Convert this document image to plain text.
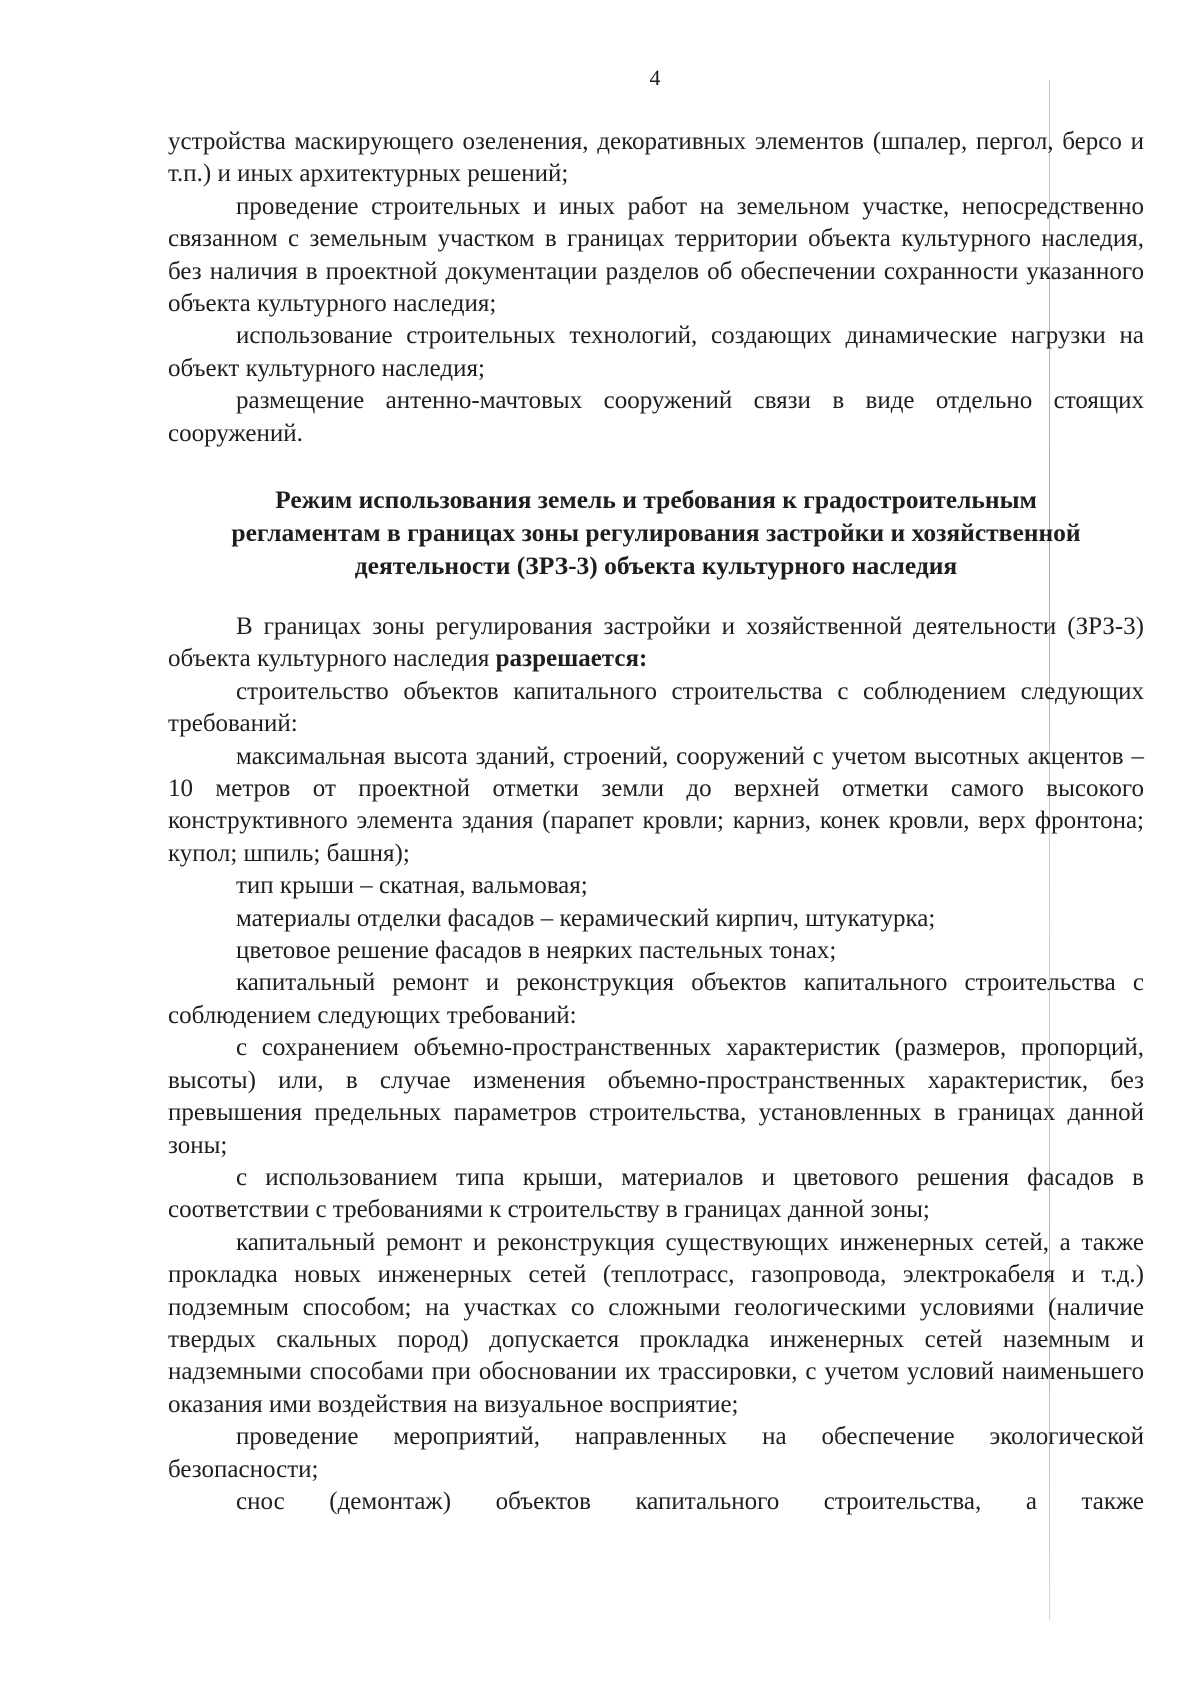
4

устройства маскирующего озеленения, декоративных элементов (шпалер, пергол, берсо и т.п.) и иных архитектурных решений;

проведение строительных и иных работ на земельном участке, непосредственно связанном с земельным участком в границах территории объекта культурного наследия, без наличия в проектной документации разделов об обеспечении сохранности указанного объекта культурного наследия;

использование строительных технологий, создающих динамические нагрузки на объект культурного наследия;

размещение антенно-мачтовых сооружений связи в виде отдельно стоящих сооружений.

Режим использования земель и требования к градостроительным
регламентам в границах зоны регулирования застройки и хозяйственной
деятельности (ЗРЗ-3) объекта культурного наследия

В границах зоны регулирования застройки и хозяйственной деятельности (ЗРЗ-3) объекта культурного наследия разрешается:

строительство объектов капитального строительства с соблюдением следующих требований:

максимальная высота зданий, строений, сооружений с учетом высотных акцентов – 10 метров от проектной отметки земли до верхней отметки самого высокого конструктивного элемента здания (парапет кровли; карниз, конек кровли, верх фронтона; купол; шпиль; башня);

тип крыши – скатная, вальмовая;

материалы отделки фасадов – керамический кирпич, штукатурка;

цветовое решение фасадов в неярких пастельных тонах;

капитальный ремонт и реконструкция объектов капитального строительства с соблюдением следующих требований:

с сохранением объемно-пространственных характеристик (размеров, пропорций, высоты) или, в случае изменения объемно-пространственных характеристик, без превышения предельных параметров строительства, установленных в границах данной зоны;

с использованием типа крыши, материалов и цветового решения фасадов в соответствии с требованиями к строительству в границах данной зоны;

капитальный ремонт и реконструкция существующих инженерных сетей, а также прокладка новых инженерных сетей (теплотрасс, газопровода, электрокабеля и т.д.) подземным способом; на участках со сложными геологическими условиями (наличие твердых скальных пород) допускается прокладка инженерных сетей наземным и надземными способами при обосновании их трассировки, с учетом условий наименьшего оказания ими воздействия на визуальное восприятие;

проведение мероприятий, направленных на обеспечение экологической безопасности;

снос (демонтаж) объектов капитального строительства, а также
